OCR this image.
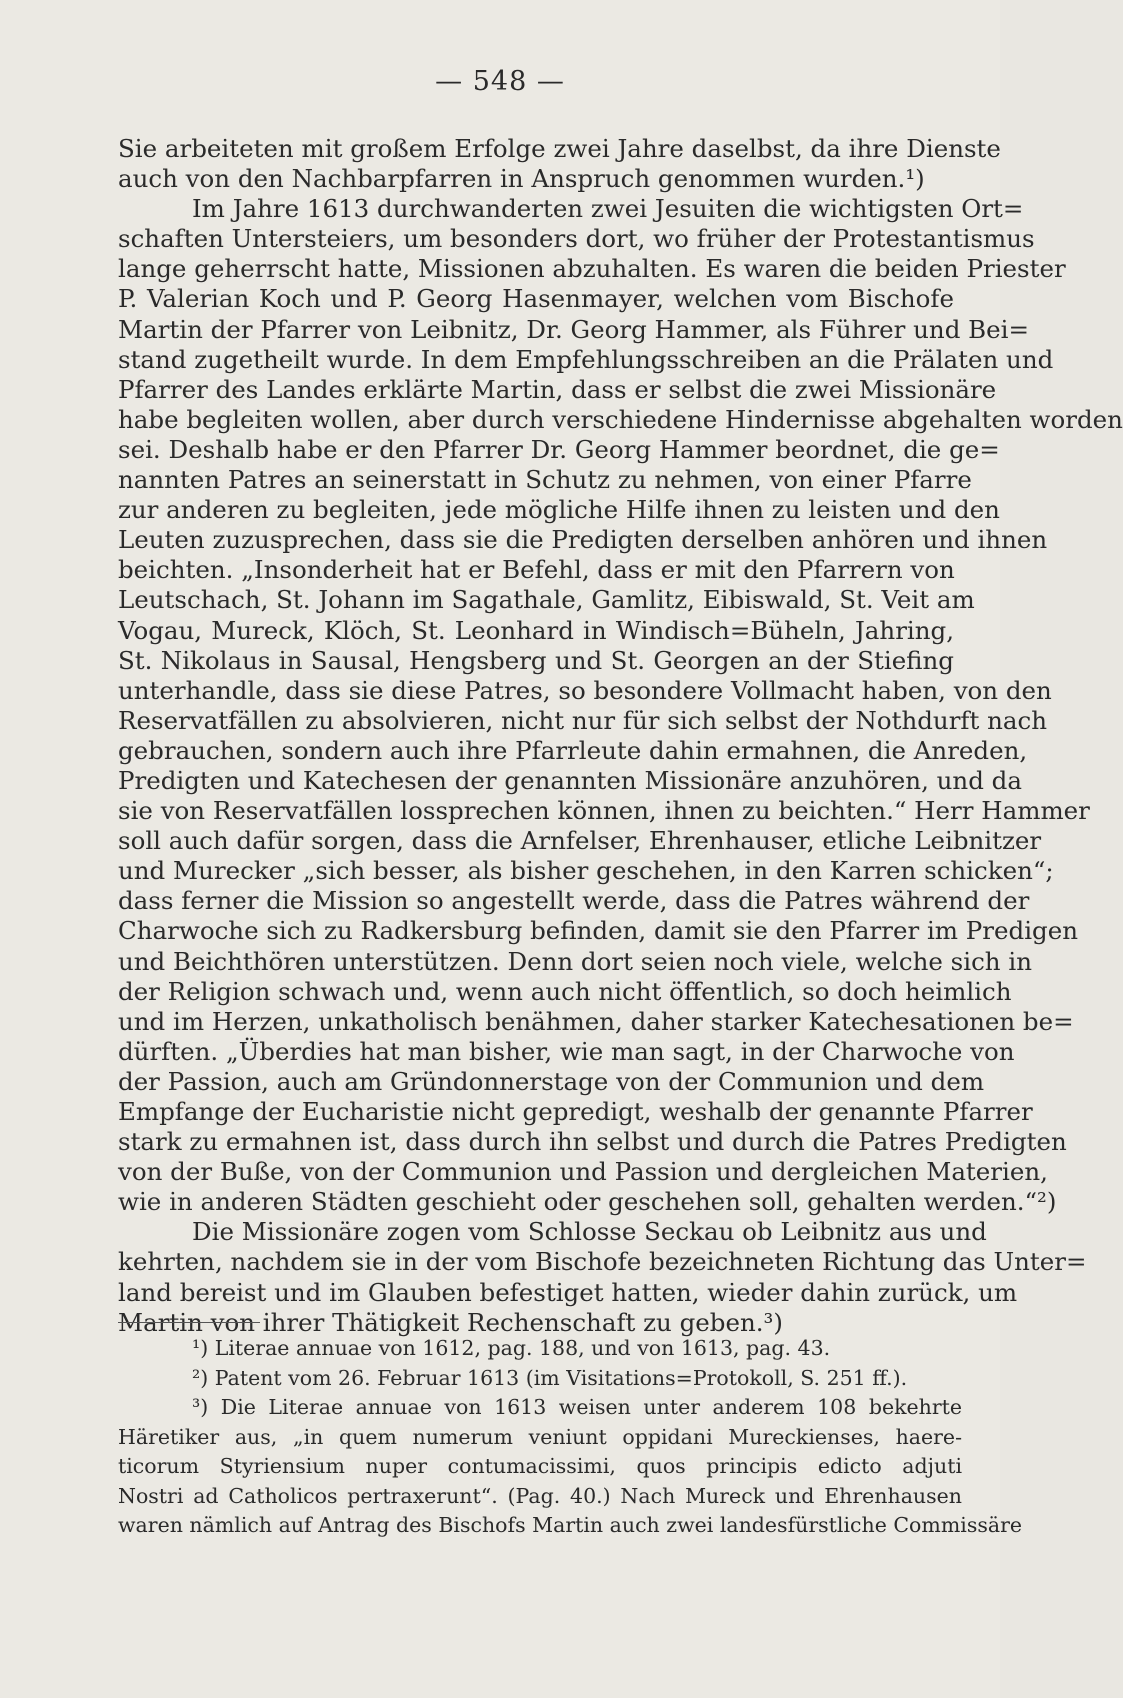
— 548 —
Sie arbeiteten mit großem Erfolge zwei Jahre daselbst, da ihre Dienste
auch von den Nachbarpfarren in Anspruch genommen wurden.¹)
Im Jahre 1613 durchwanderten zwei Jesuiten die wichtigsten Ort=
schaften Untersteiers, um besonders dort, wo früher der Protestantismus
lange geherrscht hatte, Missionen abzuhalten. Es waren die beiden Priester
P. Valerian Koch und P. Georg Hasenmayer, welchen vom Bischofe
Martin der Pfarrer von Leibnitz, Dr. Georg Hammer, als Führer und Bei=
stand zugetheilt wurde. In dem Empfehlungsschreiben an die Prälaten und
Pfarrer des Landes erklärte Martin, dass er selbst die zwei Missionäre
habe begleiten wollen, aber durch verschiedene Hindernisse abgehalten worden
sei. Deshalb habe er den Pfarrer Dr. Georg Hammer beordnet, die ge=
nannten Patres an seinerstatt in Schutz zu nehmen, von einer Pfarre
zur anderen zu begleiten, jede mögliche Hilfe ihnen zu leisten und den
Leuten zuzusprechen, dass sie die Predigten derselben anhören und ihnen
beichten. „Insonderheit hat er Befehl, dass er mit den Pfarrern von
Leutschach, St. Johann im Sagathale, Gamlitz, Eibiswald, St. Veit am
Vogau, Mureck, Klöch, St. Leonhard in Windisch=Büheln, Jahring,
St. Nikolaus in Sausal, Hengsberg und St. Georgen an der Stiefing
unterhandle, dass sie diese Patres, so besondere Vollmacht haben, von den
Reservatfällen zu absolvieren, nicht nur für sich selbst der Nothdurft nach
gebrauchen, sondern auch ihre Pfarrleute dahin ermahnen, die Anreden,
Predigten und Katechesen der genannten Missionäre anzuhören, und da
sie von Reservatfällen lossprechen können, ihnen zu beichten.“ Herr Hammer
soll auch dafür sorgen, dass die Arnfelser, Ehrenhauser, etliche Leibnitzer
und Murecker „sich besser, als bisher geschehen, in den Karren schicken“;
dass ferner die Mission so angestellt werde, dass die Patres während der
Charwoche sich zu Radkersburg befinden, damit sie den Pfarrer im Predigen
und Beichthören unterstützen. Denn dort seien noch viele, welche sich in
der Religion schwach und, wenn auch nicht öffentlich, so doch heimlich
und im Herzen, unkatholisch benähmen, daher starker Katechesationen be=
dürften. „Überdies hat man bisher, wie man sagt, in der Charwoche von
der Passion, auch am Gründonnerstage von der Communion und dem
Empfange der Eucharistie nicht gepredigt, weshalb der genannte Pfarrer
stark zu ermahnen ist, dass durch ihn selbst und durch die Patres Predigten
von der Buße, von der Communion und Passion und dergleichen Materien,
wie in anderen Städten geschieht oder geschehen soll, gehalten werden.“²)
Die Missionäre zogen vom Schlosse Seckau ob Leibnitz aus und
kehrten, nachdem sie in der vom Bischofe bezeichneten Richtung das Unter=
land bereist und im Glauben befestiget hatten, wieder dahin zurück, um
Martin von ihrer Thätigkeit Rechenschaft zu geben.³)
¹) Literae annuae von 1612, pag. 188, und von 1613, pag. 43.
²) Patent vom 26. Februar 1613 (im Visitations=Protokoll, S. 251 ff.).
³) Die Literae annuae von 1613 weisen unter anderem 108 bekehrte
Häretiker aus, „in quem numerum veniunt oppidani Mureckienses, haere-
ticorum Styriensium nuper contumacissimi, quos principis edicto adjuti
Nostri ad Catholicos pertraxerunt“. (Pag. 40.) Nach Mureck und Ehrenhausen
waren nämlich auf Antrag des Bischofs Martin auch zwei landesfürstliche Commissäre
